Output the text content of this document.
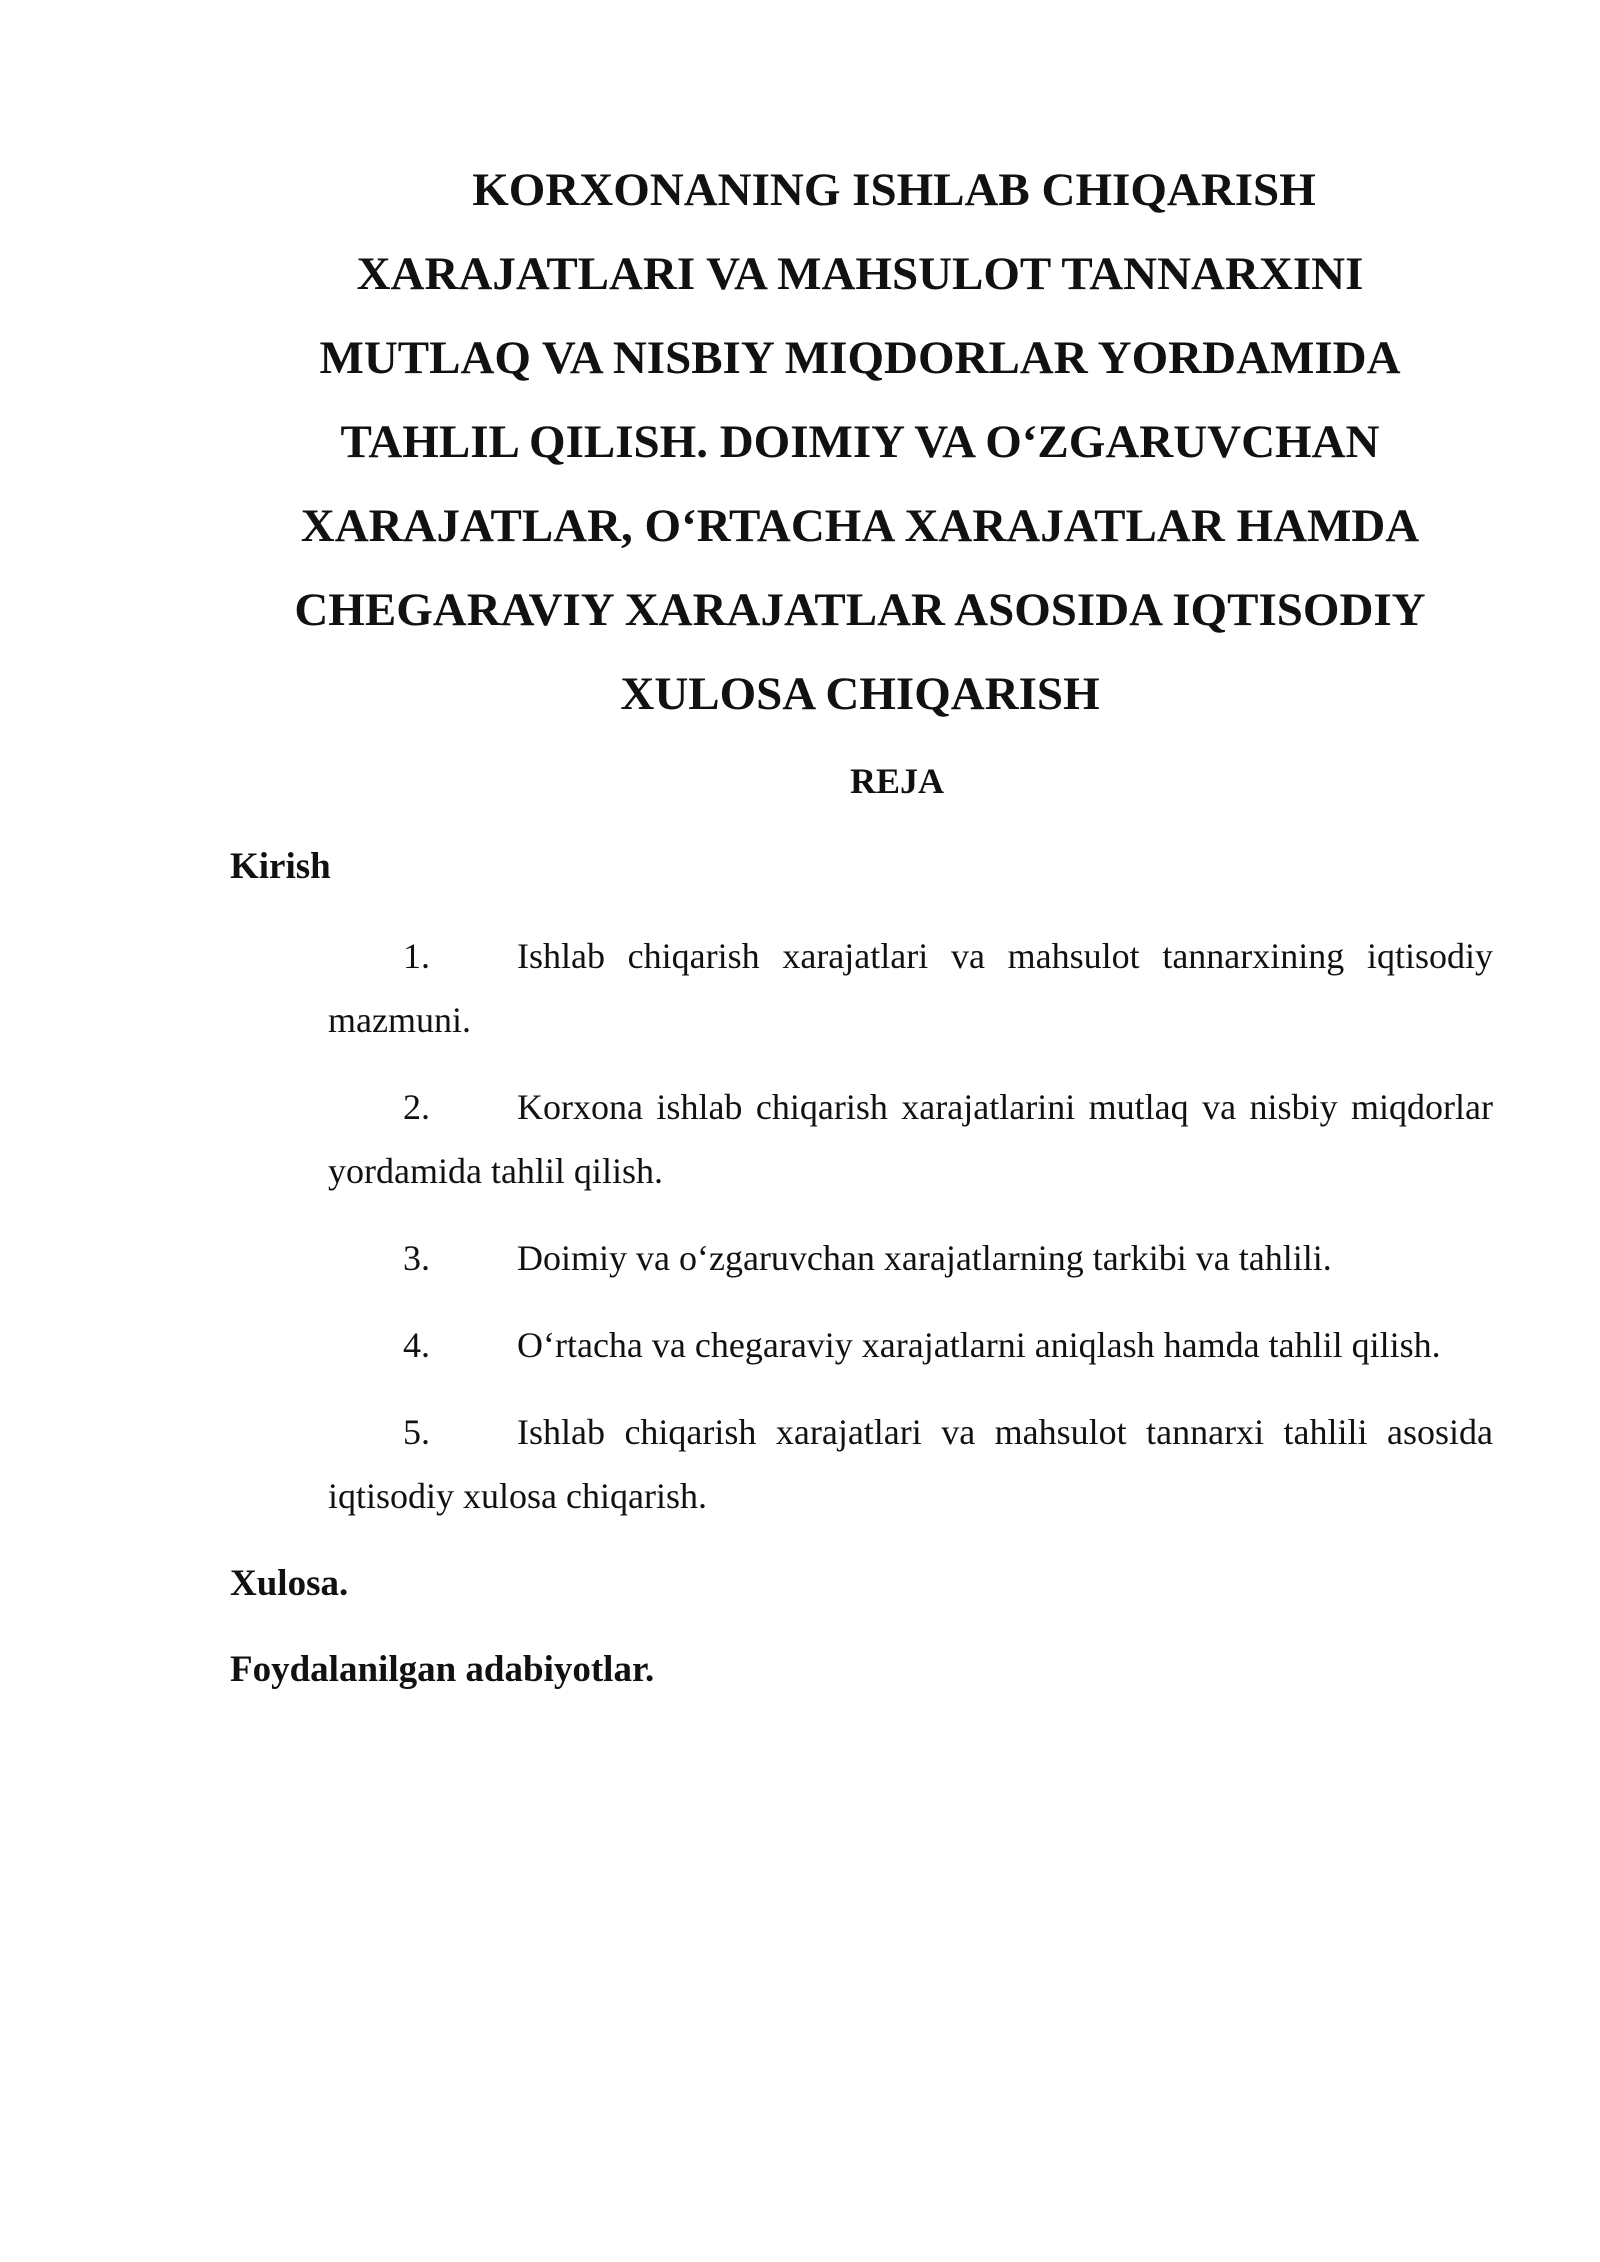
KORXONANING ISHLAB CHIQARISH
XARAJATLARI VA MAHSULOT TANNARXINI
MUTLAQ VA NISBIY MIQDORLAR YORDAMIDA
TAHLIL QILISH. DOIMIY VA O‘ZGARUVCHAN
XARAJATLAR, O‘RTACHA XARAJATLAR HAMDA
CHEGARAVIY XARAJATLAR ASOSIDA IQTISODIY
XULOSA CHIQARISH
REJA

Kirish

1.	Ishlab chiqarish xarajatlari va mahsulot tannarxining iqtisodiy
mazmuni.
2.	Korxona ishlab chiqarish xarajatlarini mutlaq va nisbiy miqdorlar
yordamida tahlil qilish.
3.	Doimiy va o‘zgaruvchan xarajatlarning tarkibi va tahlili.
4.	O‘rtacha va chegaraviy xarajatlarni aniqlash hamda tahlil qilish.
5.	Ishlab chiqarish xarajatlari va mahsulot tannarxi tahlili asosida
iqtisodiy xulosa chiqarish.

Xulosa.

Foydalanilgan adabiyotlar.
